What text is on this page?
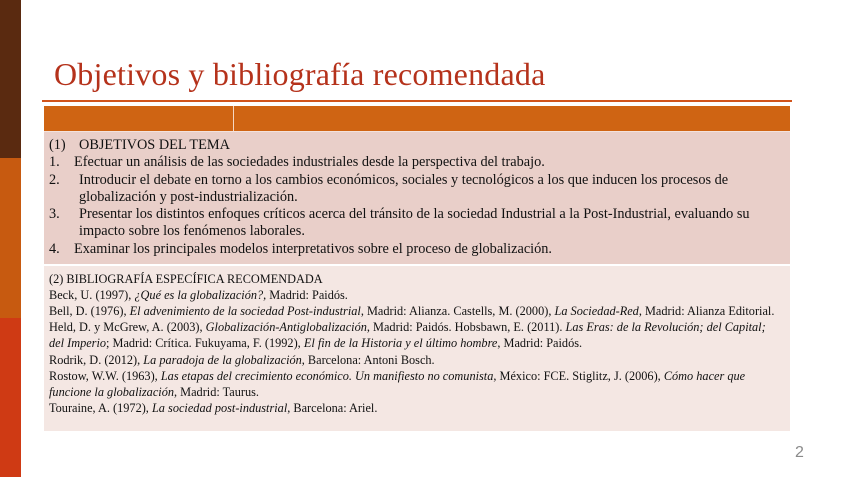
Objetivos y bibliografía recomendada
(1) OBJETIVOS DEL TEMA
1. Efectuar un análisis de las sociedades industriales desde la perspectiva del trabajo.
2.	Introducir el debate en torno a los cambios económicos, sociales y tecnológicos a los que inducen los procesos de globalización y post-industrialización.
3.	Presentar los distintos enfoques críticos acerca del tránsito de la sociedad Industrial a la Post-Industrial, evaluando su impacto sobre los fenómenos laborales.
4. Examinar los principales modelos interpretativos sobre el proceso de globalización.

(2) BIBLIOGRAFÍA ESPECÍFICA RECOMENDADA

Beck, U. (1997), ¿Qué es la globalización?, Madrid: Paidós.

Bell, D. (1976), El advenimiento de la sociedad Post-industrial, Madrid: Alianza. Castells, M. (2000), La Sociedad-Red, Madrid: Alianza Editorial.

Held, D. y McGrew, A. (2003), Globalización-Antiglobalización, Madrid: Paidós. Hobsbawn, E. (2011). Las Eras: de la Revolución; del Capital; del Imperio; Madrid: Crítica. Fukuyama, F. (1992), El fin de la Historia y el último hombre, Madrid: Paidós.

Rodrik, D. (2012), La paradoja de la globalización, Barcelona: Antoni Bosch.

Rostow, W.W. (1963), Las etapas del crecimiento económico. Un manifiesto no comunista, México: FCE. Stiglitz, J. (2006), Cómo hacer que funcione la globalización, Madrid: Taurus.

Touraine, A. (1972), La sociedad post-industrial, Barcelona: Ariel.

2
